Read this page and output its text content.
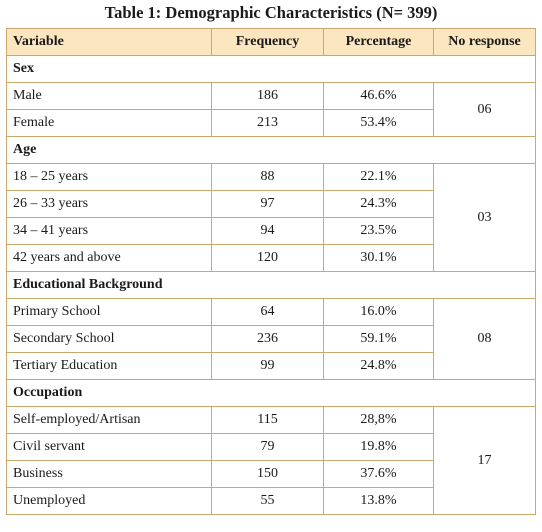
Table 1: Demographic Characteristics (N= 399)
Variable	Frequency	Percentage	No response
Sex			
Male	186	46.6%	06
Female	213	53.4%	
Age			
18 – 25 years	88	22.1%	03
26 – 33 years	97	24.3%	
34 – 41 years	94	23.5%	
42 years and above	120	30.1%	
Educational Background			
Primary School	64	16.0%	08
Secondary School	236	59.1%	
Tertiary Education	99	24.8%	
Occupation			
Self-employed/Artisan	115	28,8%	17
Civil servant	79	19.8%	
Business	150	37.6%	
Unemployed	55	13.8%	
